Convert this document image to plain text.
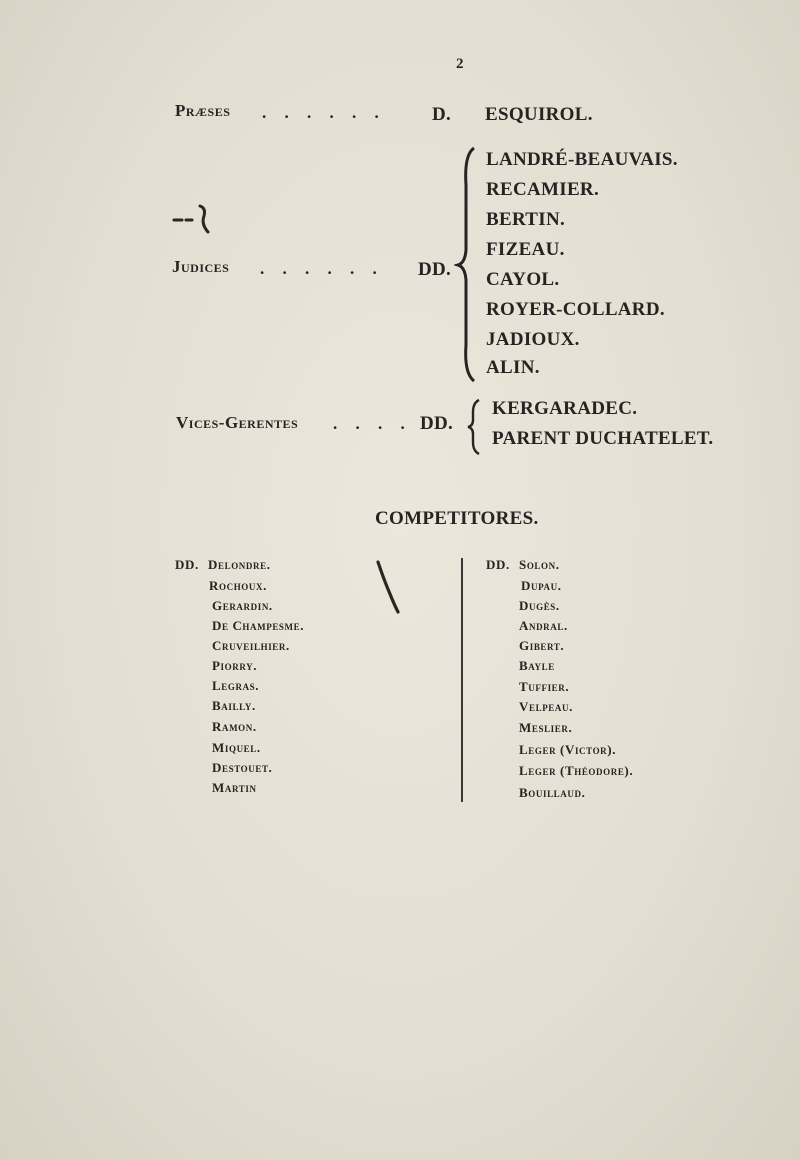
2
Præses . . . . . . D. ESQUIROL.
Judices . . . . . . DD.
LANDRÉ-BEAUVAIS.
RECAMIER.
BERTIN.
FIZEAU.
CAYOL.
ROYER-COLLARD.
JADIOUX.
ALIN.
Vices-Gerentes . . . . DD.
KERGARADEC.
PARENT DUCHATELET.
COMPETITORES.
DD. Delondre.
Rochoux.
Gerardin.
De Champesme.
Cruveilhier.
Piorry.
Legras.
Bailly.
Ramon.
Miquel.
Destouet.
Martin
DD. Solon.
Dupau.
Dugès.
Andral.
Gibert.
Bayle
Tuffier.
Velpeau.
Meslier.
Leger (Victor).
Leger (Théodore).
Bouillaud.
